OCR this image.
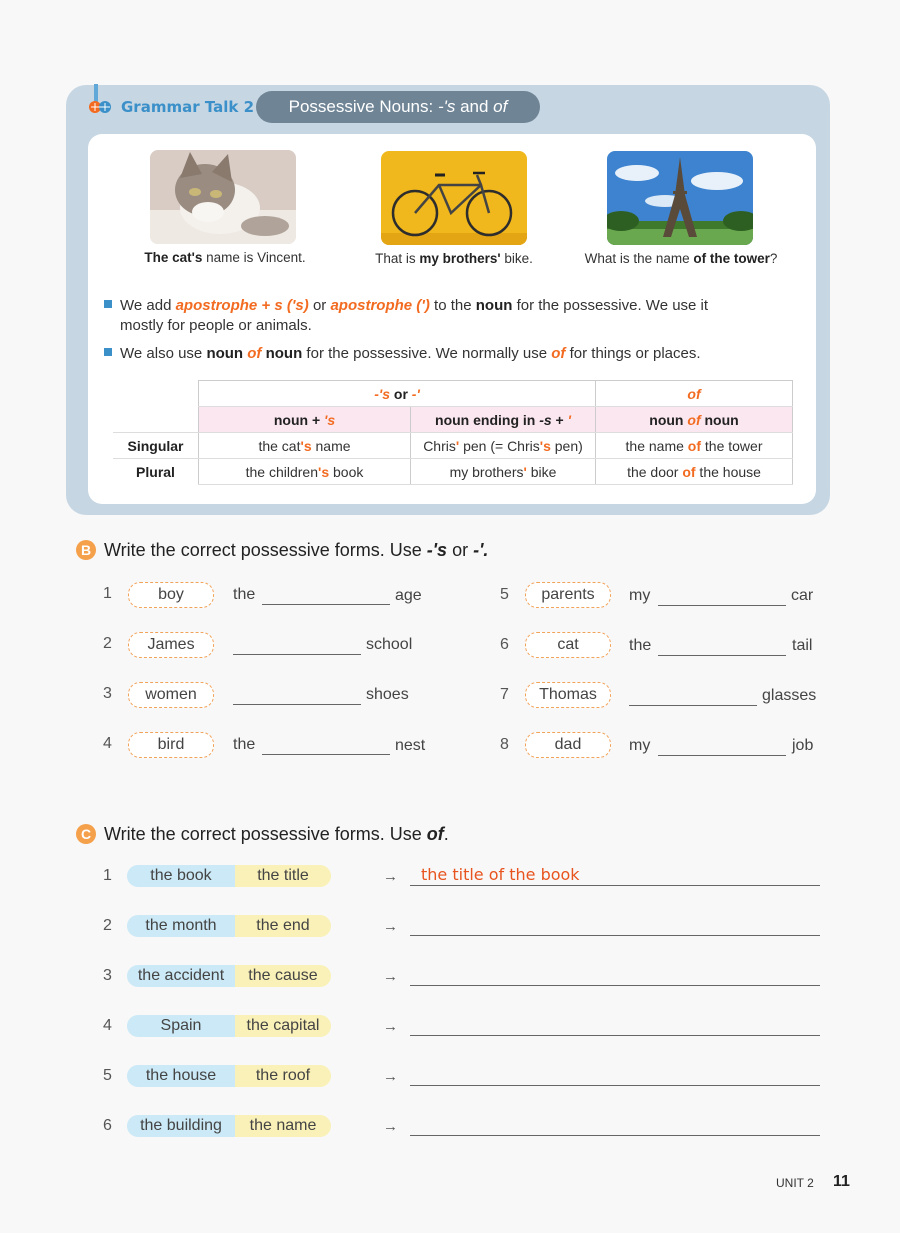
Grammar Talk 2	Possessive Nouns: -'s and of
The cat's name is Vincent.	That is my brothers' bike.	What is the name of the tower?
We add apostrophe + s ('s) or apostrophe (') to the noun for the possessive. We use it
mostly for people or animals.
We also use noun of noun for the possessive. We normally use of for things or places.
	-'s or -'		of
	noun + 's	noun ending in -s + '	noun of noun
Singular	the cat's name	Chris' pen (= Chris's pen)	the name of the tower
Plural	the children's book	my brothers' bike	the door of the house
B Write the correct possessive forms. Use -'s or -'.
1	boy	the	age
2	James	school
3	women	shoes
4	bird	the	nest
5	parents	my	car
6	cat	the	tail
7	Thomas	glasses
8	dad	my	job
C Write the correct possessive forms. Use of.
1	the book	the title	→ the title of the book
2	the month	the end	→
3	the accident	the cause	→
4	Spain	the capital	→
5	the house	the roof	→
6	the building	the name	→
UNIT 2 11
